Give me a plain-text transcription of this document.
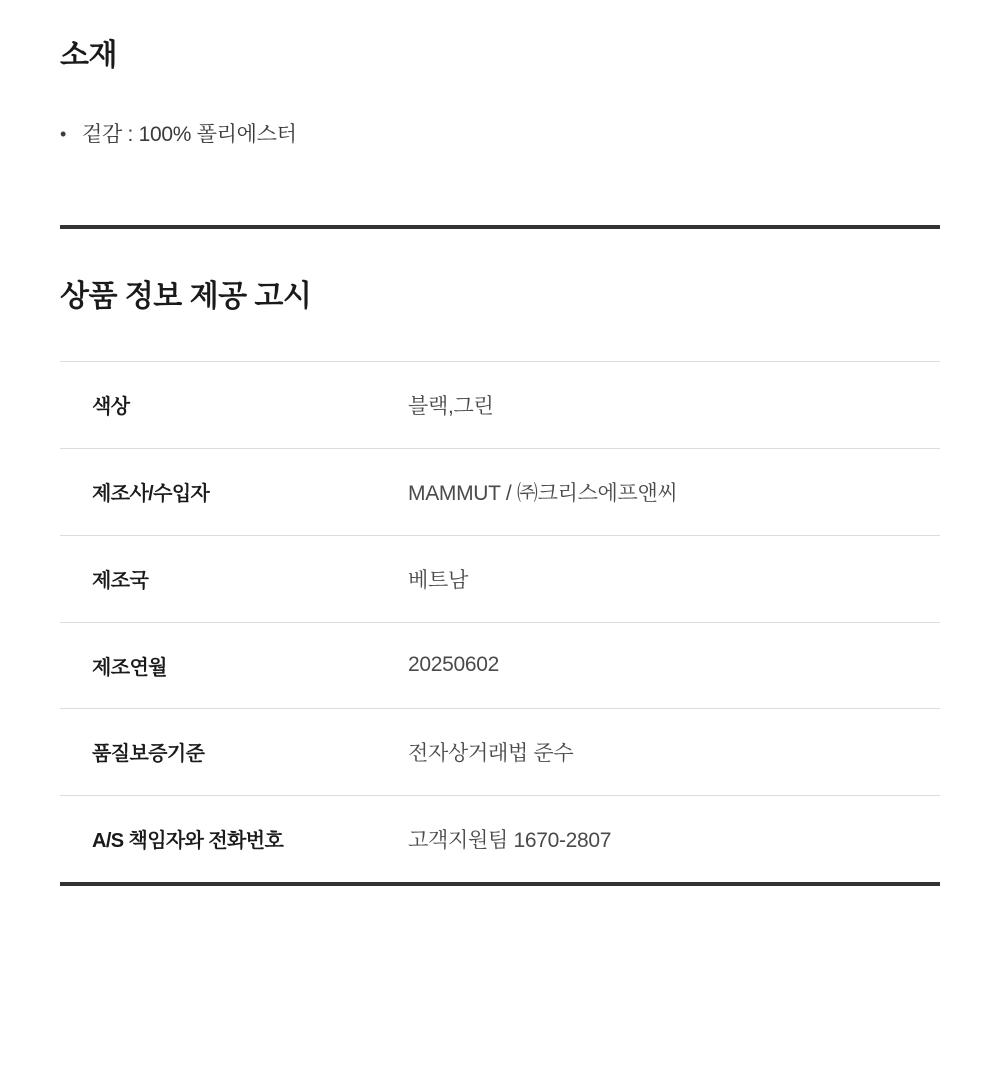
소재
• 겉감 : 100% 폴리에스터
상품 정보 제공 고시
색상	블랙,그린
제조사/수입자	MAMMUT / ㈜크리스에프앤씨
제조국	베트남
제조연월	20250602
품질보증기준	전자상거래법 준수
A/S 책임자와 전화번호	고객지원팀 1670-2807
